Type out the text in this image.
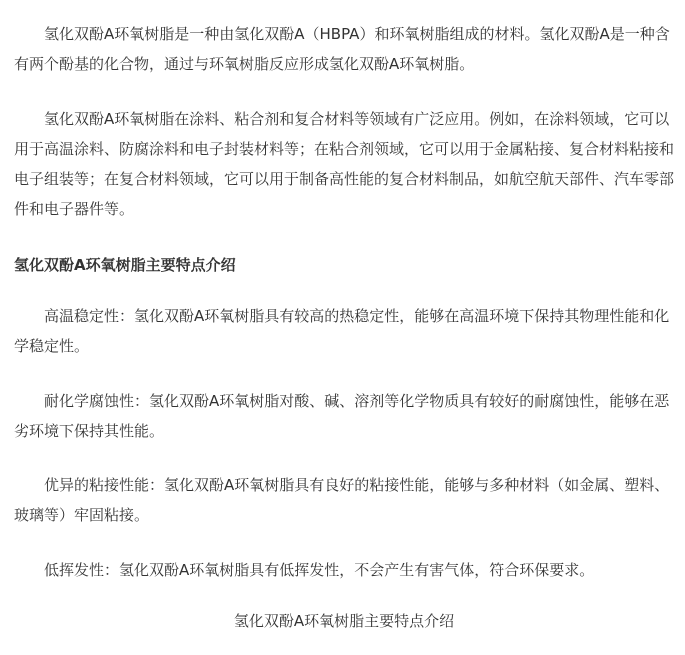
氢化双酚A环氧树脂是一种由氢化双酚A（HBPA）和环氧树脂组成的材料。氢化双酚A是一种含有两个酚基的化合物，通过与环氧树脂反应形成氢化双酚A环氧树脂。

氢化双酚A环氧树脂在涂料、粘合剂和复合材料等领域有广泛应用。例如，在涂料领域，它可以用于高温涂料、防腐涂料和电子封装材料等；在粘合剂领域，它可以用于金属粘接、复合材料粘接和电子组装等；在复合材料领域，它可以用于制备高性能的复合材料制品，如航空航天部件、汽车零部件和电子器件等。

氢化双酚A环氧树脂主要特点介绍

高温稳定性：氢化双酚A环氧树脂具有较高的热稳定性，能够在高温环境下保持其物理性能和化学稳定性。

耐化学腐蚀性：氢化双酚A环氧树脂对酸、碱、溶剂等化学物质具有较好的耐腐蚀性，能够在恶劣环境下保持其性能。

优异的粘接性能：氢化双酚A环氧树脂具有良好的粘接性能，能够与多种材料（如金属、塑料、玻璃等）牢固粘接。

低挥发性：氢化双酚A环氧树脂具有低挥发性，不会产生有害气体，符合环保要求。

氢化双酚A环氧树脂主要特点介绍
